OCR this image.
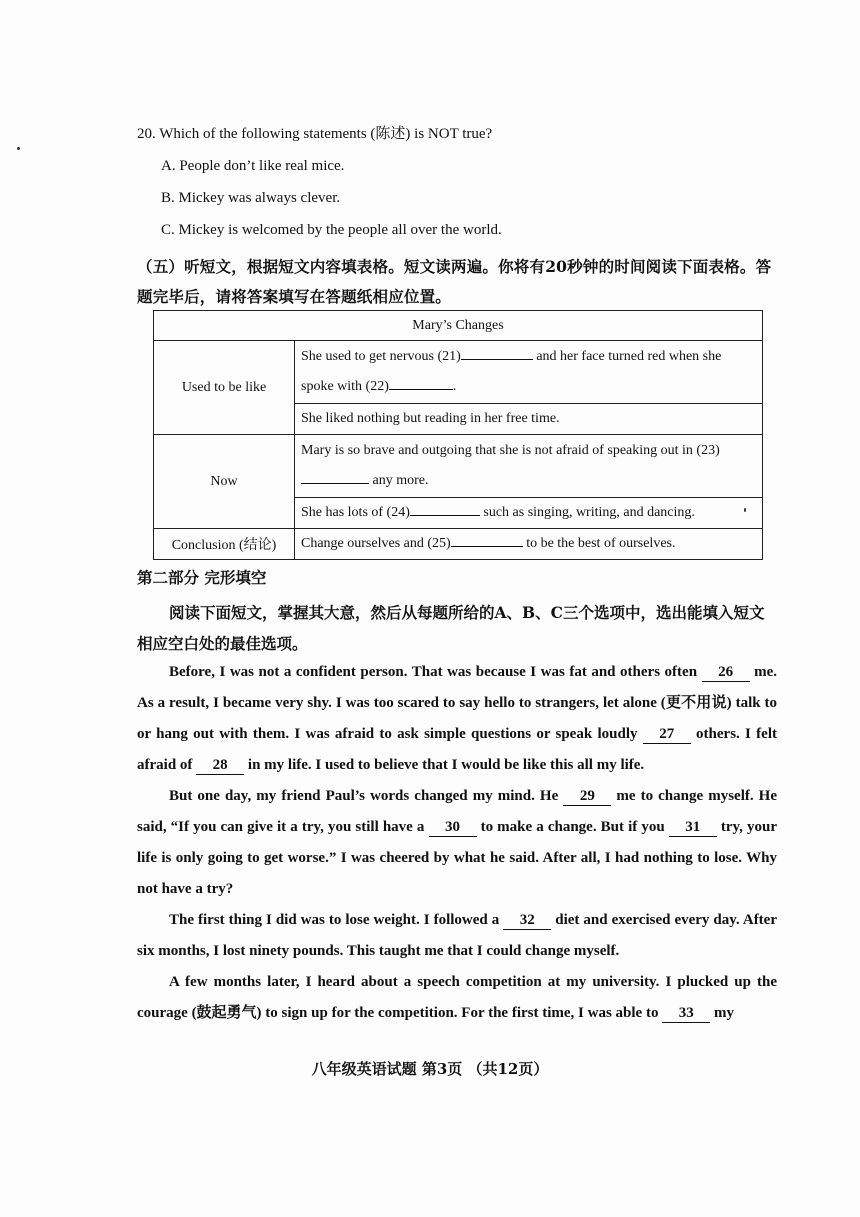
20. Which of the following statements (陈述) is NOT true?

A. People don’t like real mice.

B. Mickey was always clever.

C. Mickey is welcomed by the people all over the world.

（五）听短文，根据短文内容填表格。短文读两遍。你将有20秒钟的时间阅读下面表格。答题完毕后，请将答案填写在答题纸相应位置。
Mary’s Changes	
Used to be like	She used to get nervous (21) and her face turned red when she spoke with (22) .
	She liked nothing but reading in her free time.
Now	Mary is so brave and outgoing that she is not afraid of speaking out in (23) any more.
	She has lots of (24) such as singing, writing, and dancing.
Conclusion (结论)	Change ourselves and (25) to be the best of ourselves.
第二部分 完形填空
阅读下面短文，掌握其大意，然后从每题所给的A、B、C三个选项中，选出能填入短文相应空白处的最佳选项。

Before, I was not a confident person. That was because I was fat and others often 26 me. As a result, I became very shy. I was too scared to say hello to strangers, let alone (更不用说) talk to or hang out with them. I was afraid to ask simple questions or speak loudly 27 others. I felt afraid of 28 in my life. I used to believe that I would be like this all my life.

But one day, my friend Paul’s words changed my mind. He 29 me to change myself. He said, “If you can give it a try, you still have a 30 to make a change. But if you 31 try, your life is only going to get worse.” I was cheered by what he said. After all, I had nothing to lose. Why not have a try?

The first thing I did was to lose weight. I followed a 32 diet and exercised every day. After six months, I lost ninety pounds. This taught me that I could change myself.

A few months later, I heard about a speech competition at my university. I plucked up the courage (鼓起勇气) to sign up for the competition. For the first time, I was able to 33 my

八年级英语试题 第3页 （共12页）
